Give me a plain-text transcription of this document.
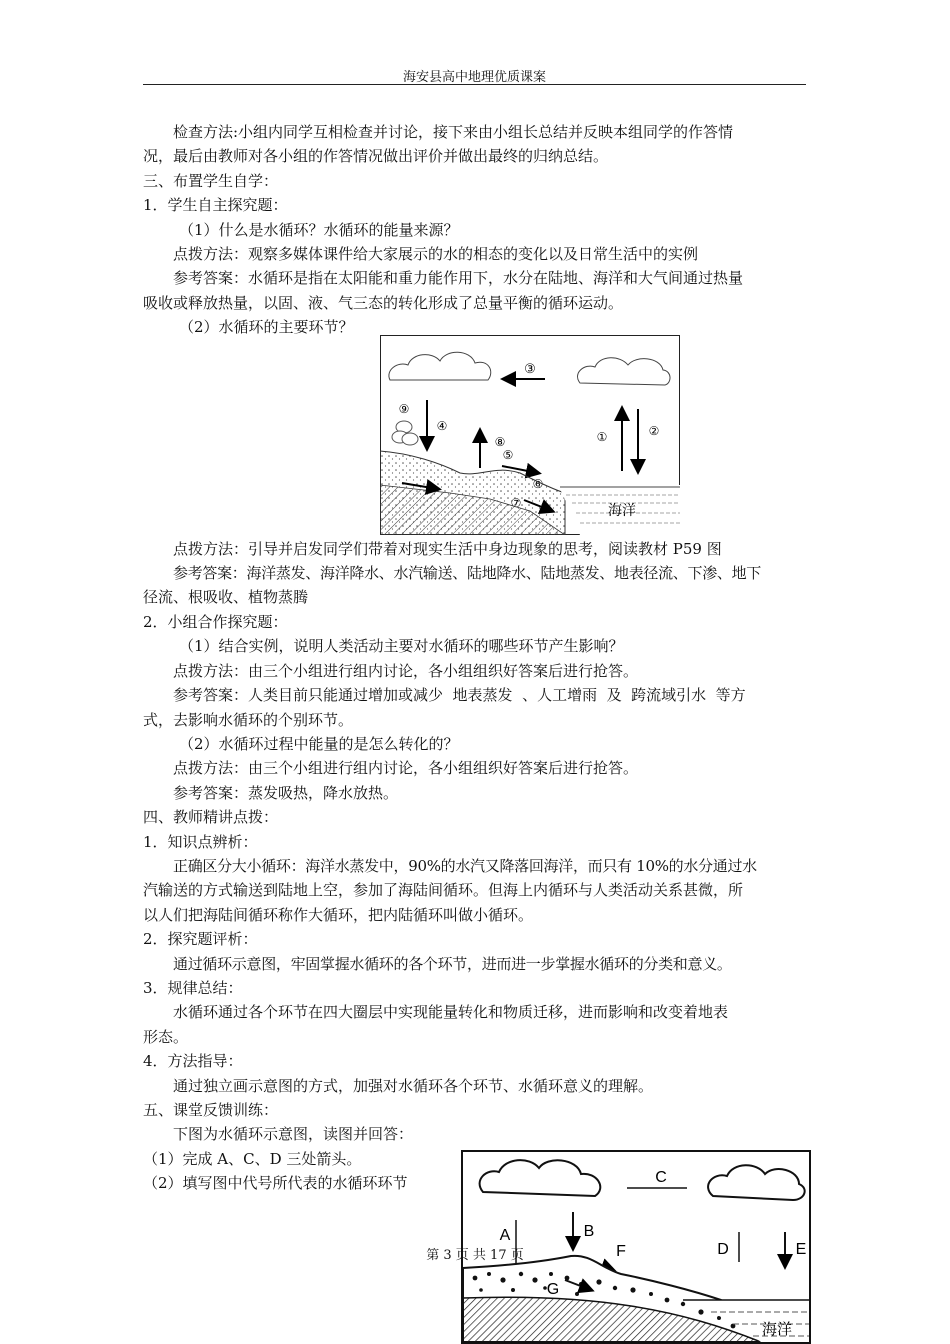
海安县高中地理优质课案

检查方法:小组内同学互相检查并讨论，接下来由小组长总结并反映本组同学的作答情

况，最后由教师对各小组的作答情况做出评价并做出最终的归纳总结。

三、布置学生自学：

1．学生自主探究题：

（1）什么是水循环？水循环的能量来源？

点拨方法：观察多媒体课件给大家展示的水的相态的变化以及日常生活中的实例

参考答案：水循环是指在太阳能和重力能作用下，水分在陆地、海洋和大气间通过热量

吸收或释放热量，以固、液、气三态的转化形成了总量平衡的循环运动。

（2）水循环的主要环节？

点拨方法：引导并启发同学们带着对现实生活中身边现象的思考，阅读教材 P59 图

参考答案：海洋蒸发、海洋降水、水汽输送、陆地降水、陆地蒸发、地表径流、下渗、地下

径流、根吸收、植物蒸腾

2．小组合作探究题：

（1）结合实例，说明人类活动主要对水循环的哪些环节产生影响？

点拨方法：由三个小组进行组内讨论，各小组组织好答案后进行抢答。

参考答案：人类目前只能通过增加或减少  地表蒸发  、人工增雨  及  跨流域引水  等方

式，去影响水循环的个别环节。

（2）水循环过程中能量的是怎么转化的？

点拨方法：由三个小组进行组内讨论，各小组组织好答案后进行抢答。

参考答案：蒸发吸热，降水放热。

四、教师精讲点拨：

1．知识点辨析：

正确区分大小循环：海洋水蒸发中，90%的水汽又降落回海洋，而只有 10%的水分通过水

汽输送的方式输送到陆地上空，参加了海陆间循环。但海上内循环与人类活动关系甚微，所

以人们把海陆间循环称作大循环，把内陆循环叫做小循环。

2．探究题评析：

通过循环示意图，牢固掌握水循环的各个环节，进而进一步掌握水循环的分类和意义。

3．规律总结：

水循环通过各个环节在四大圈层中实现能量转化和物质迁移，进而影响和改变着地表

形态。

4．方法指导：

通过独立画示意图的方式，加强对水循环各个环节、水循环意义的理解。

五、课堂反馈训练：

下图为水循环示意图，读图并回答：

（1）完成 A、C、D 三处箭头。

（2）填写图中代号所代表的水循环环节

③
④
⑨
⑧
⑤
①	②
海洋
C
A	B
F	D	E
G
海洋
第 3 页 共 17 页
